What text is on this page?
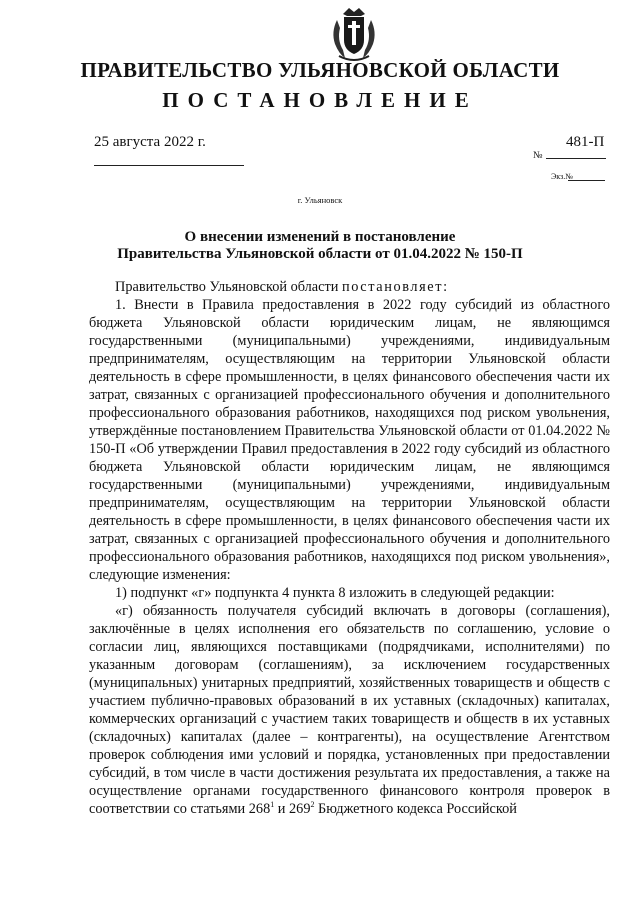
ПРАВИТЕЛЬСТВО УЛЬЯНОВСКОЙ ОБЛАСТИ
ПОСТАНОВЛЕНИЕ
25 августа 2022 г.	481-П
№
Экз.№
г. Ульяновск
О внесении изменений в постановление
Правительства Ульяновской области от 01.04.2022 № 150-П

Правительство Ульяновской области постановляет:

1. Внести в Правила предоставления в 2022 году субсидий из областного бюджета Ульяновской области юридическим лицам, не являющимся государственными (муниципальными) учреждениями, индивидуальным предпринимателям, осуществляющим на территории Ульяновской области деятельность в сфере промышленности, в целях финансового обеспечения части их затрат, связанных с организацией профессионального обучения и дополнительного профессионального образования работников, находящихся под риском увольнения, утверждённые постановлением Правительства Ульяновской области от 01.04.2022 № 150-П «Об утверждении Правил предоставления в 2022 году субсидий из областного бюджета Ульяновской области юридическим лицам, не являющимся государственными (муниципальными) учреждениями, индивидуальным предпринимателям, осуществляющим на территории Ульяновской области деятельность в сфере промышленности, в целях финансового обеспечения части их затрат, связанных с организацией профессионального обучения и дополнительного профессионального образования работников, находящихся под риском увольнения», следующие изменения:

1) подпункт «г» подпункта 4 пункта 8 изложить в следующей редакции:

«г) обязанность получателя субсидий включать в договоры (соглашения), заключённые в целях исполнения его обязательств по соглашению, условие о согласии лиц, являющихся поставщиками (подрядчиками, исполнителями) по указанным договорам (соглашениям), за исключением государственных (муниципальных) унитарных предприятий, хозяйственных товариществ и обществ с участием публично-правовых образований в их уставных (складочных) капиталах, коммерческих организаций с участием таких товариществ и обществ в их уставных (складочных) капиталах (далее – контрагенты), на осуществление Агентством проверок соблюдения ими условий и порядка, установленных при предоставлении субсидий, в том числе в части достижения результата их предоставления, а также на осуществление органами государственного финансового контроля проверок в соответствии со статьями $268^1$ и $269^2$ Бюджетного кодекса Российской
